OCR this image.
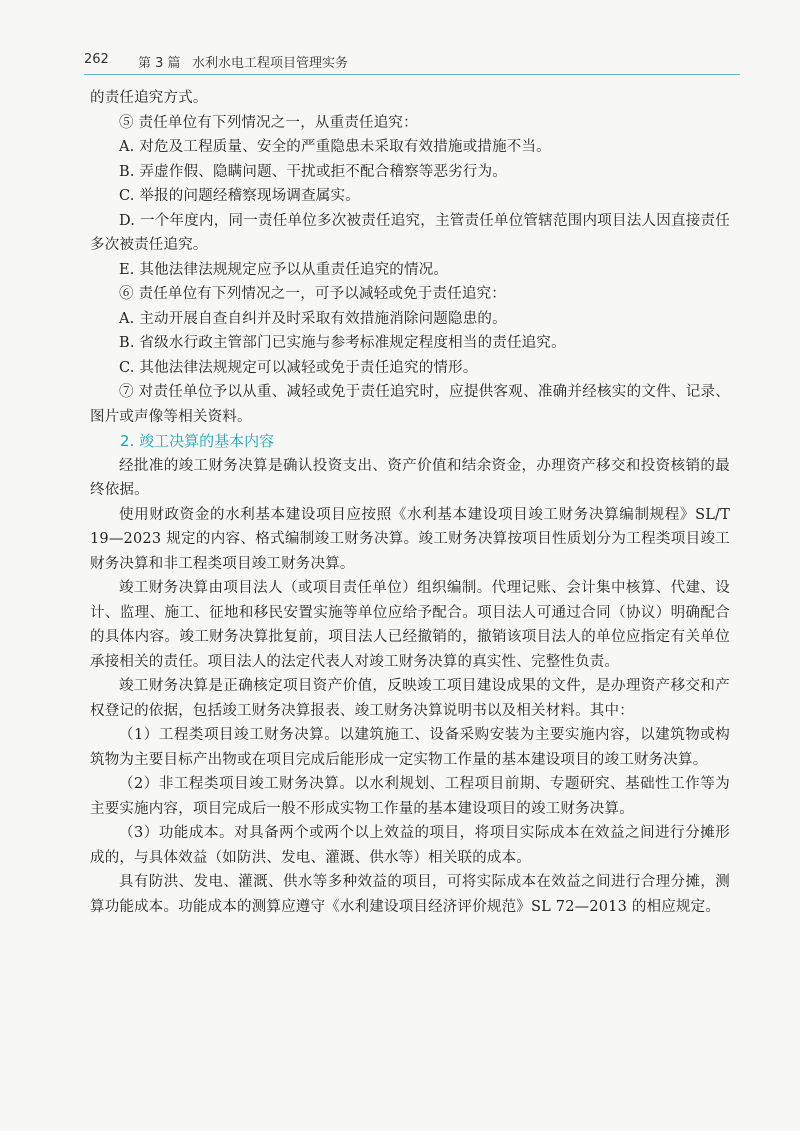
262 第 3 篇 水利水电工程项目管理实务

的责任追究方式。

⑤ 责任单位有下列情况之一，从重责任追究：

A. 对危及工程质量、安全的严重隐患未采取有效措施或措施不当。

B. 弄虚作假、隐瞒问题、干扰或拒不配合稽察等恶劣行为。

C. 举报的问题经稽察现场调查属实。

D. 一个年度内，同一责任单位多次被责任追究，主管责任单位管辖范围内项目法人因直接责任多次被责任追究。

E. 其他法律法规规定应予以从重责任追究的情况。

⑥ 责任单位有下列情况之一，可予以减轻或免于责任追究：

A. 主动开展自查自纠并及时采取有效措施消除问题隐患的。

B. 省级水行政主管部门已实施与参考标准规定程度相当的责任追究。

C. 其他法律法规规定可以减轻或免于责任追究的情形。

⑦ 对责任单位予以从重、减轻或免于责任追究时，应提供客观、准确并经核实的文件、记录、图片或声像等相关资料。

2. 竣工决算的基本内容

经批准的竣工财务决算是确认投资支出、资产价值和结余资金，办理资产移交和投资核销的最终依据。

使用财政资金的水利基本建设项目应按照《水利基本建设项目竣工财务决算编制规程》SL/T 19—2023 规定的内容、格式编制竣工财务决算。竣工财务决算按项目性质划分为工程类项目竣工财务决算和非工程类项目竣工财务决算。

竣工财务决算由项目法人（或项目责任单位）组织编制。代理记账、会计集中核算、代建、设计、监理、施工、征地和移民安置实施等单位应给予配合。项目法人可通过合同（协议）明确配合的具体内容。竣工财务决算批复前，项目法人已经撤销的，撤销该项目法人的单位应指定有关单位承接相关的责任。项目法人的法定代表人对竣工财务决算的真实性、完整性负责。

竣工财务决算是正确核定项目资产价值，反映竣工项目建设成果的文件，是办理资产移交和产权登记的依据，包括竣工财务决算报表、竣工财务决算说明书以及相关材料。其中：

（1）工程类项目竣工财务决算。以建筑施工、设备采购安装为主要实施内容，以建筑物或构筑物为主要目标产出物或在项目完成后能形成一定实物工作量的基本建设项目的竣工财务决算。

（2）非工程类项目竣工财务决算。以水利规划、工程项目前期、专题研究、基础性工作等为主要实施内容，项目完成后一般不形成实物工作量的基本建设项目的竣工财务决算。

（3）功能成本。对具备两个或两个以上效益的项目，将项目实际成本在效益之间进行分摊形成的，与具体效益（如防洪、发电、灌溉、供水等）相关联的成本。

具有防洪、发电、灌溉、供水等多种效益的项目，可将实际成本在效益之间进行合理分摊，测算功能成本。功能成本的测算应遵守《水利建设项目经济评价规范》SL 72—2013 的相应规定。
